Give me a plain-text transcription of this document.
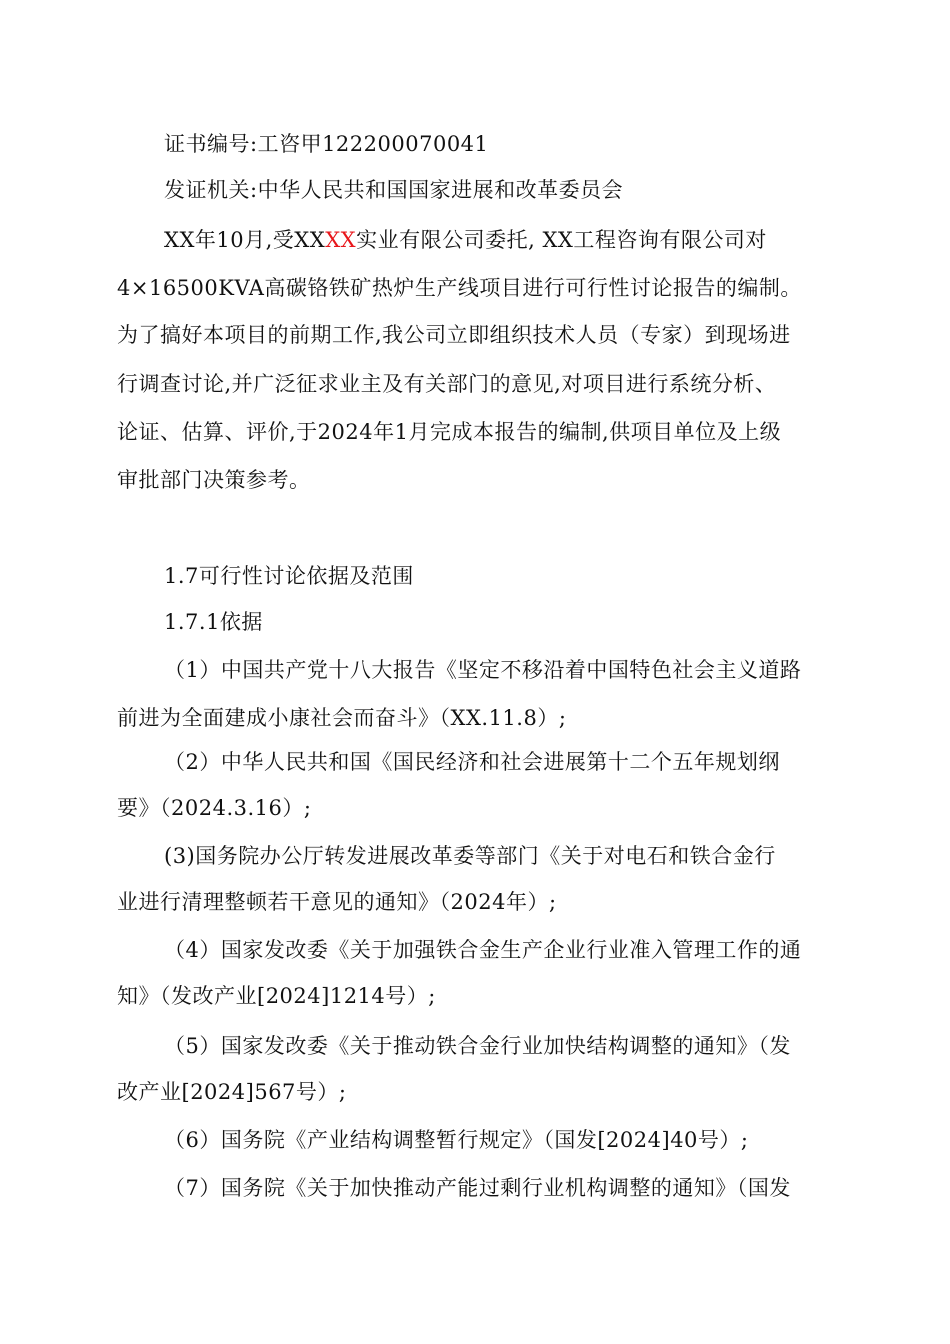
证书编号:工咨甲122200070041
发证机关:中华人民共和国国家进展和改革委员会
XX年10月,受XXXX实业有限公司委托, XX工程咨询有限公司对
4×16500KVA高碳铬铁矿热炉生产线项目进行可行性讨论报告的编制。
为了搞好本项目的前期工作,我公司立即组织技术人员（专家）到现场进
行调查讨论,并广泛征求业主及有关部门的意见,对项目进行系统分析、
论证、估算、评价,于2024年1月完成本报告的编制,供项目单位及上级
审批部门决策参考。
1.7可行性讨论依据及范围
1.7.1依据
（1）中国共产党十八大报告《坚定不移沿着中国特色社会主义道路
前进为全面建成小康社会而奋斗》（XX.11.8）;
（2）中华人民共和国《国民经济和社会进展第十二个五年规划纲
要》（2024.3.16）;
(3)国务院办公厅转发进展改革委等部门《关于对电石和铁合金行
业进行清理整顿若干意见的通知》（2024年）;
（4）国家发改委《关于加强铁合金生产企业行业准入管理工作的通
知》（发改产业[2024]1214号）;
（5）国家发改委《关于推动铁合金行业加快结构调整的通知》（发
改产业[2024]567号）;
（6）国务院《产业结构调整暂行规定》（国发[2024]40号）;
（7）国务院《关于加快推动产能过剩行业机构调整的通知》（国发
